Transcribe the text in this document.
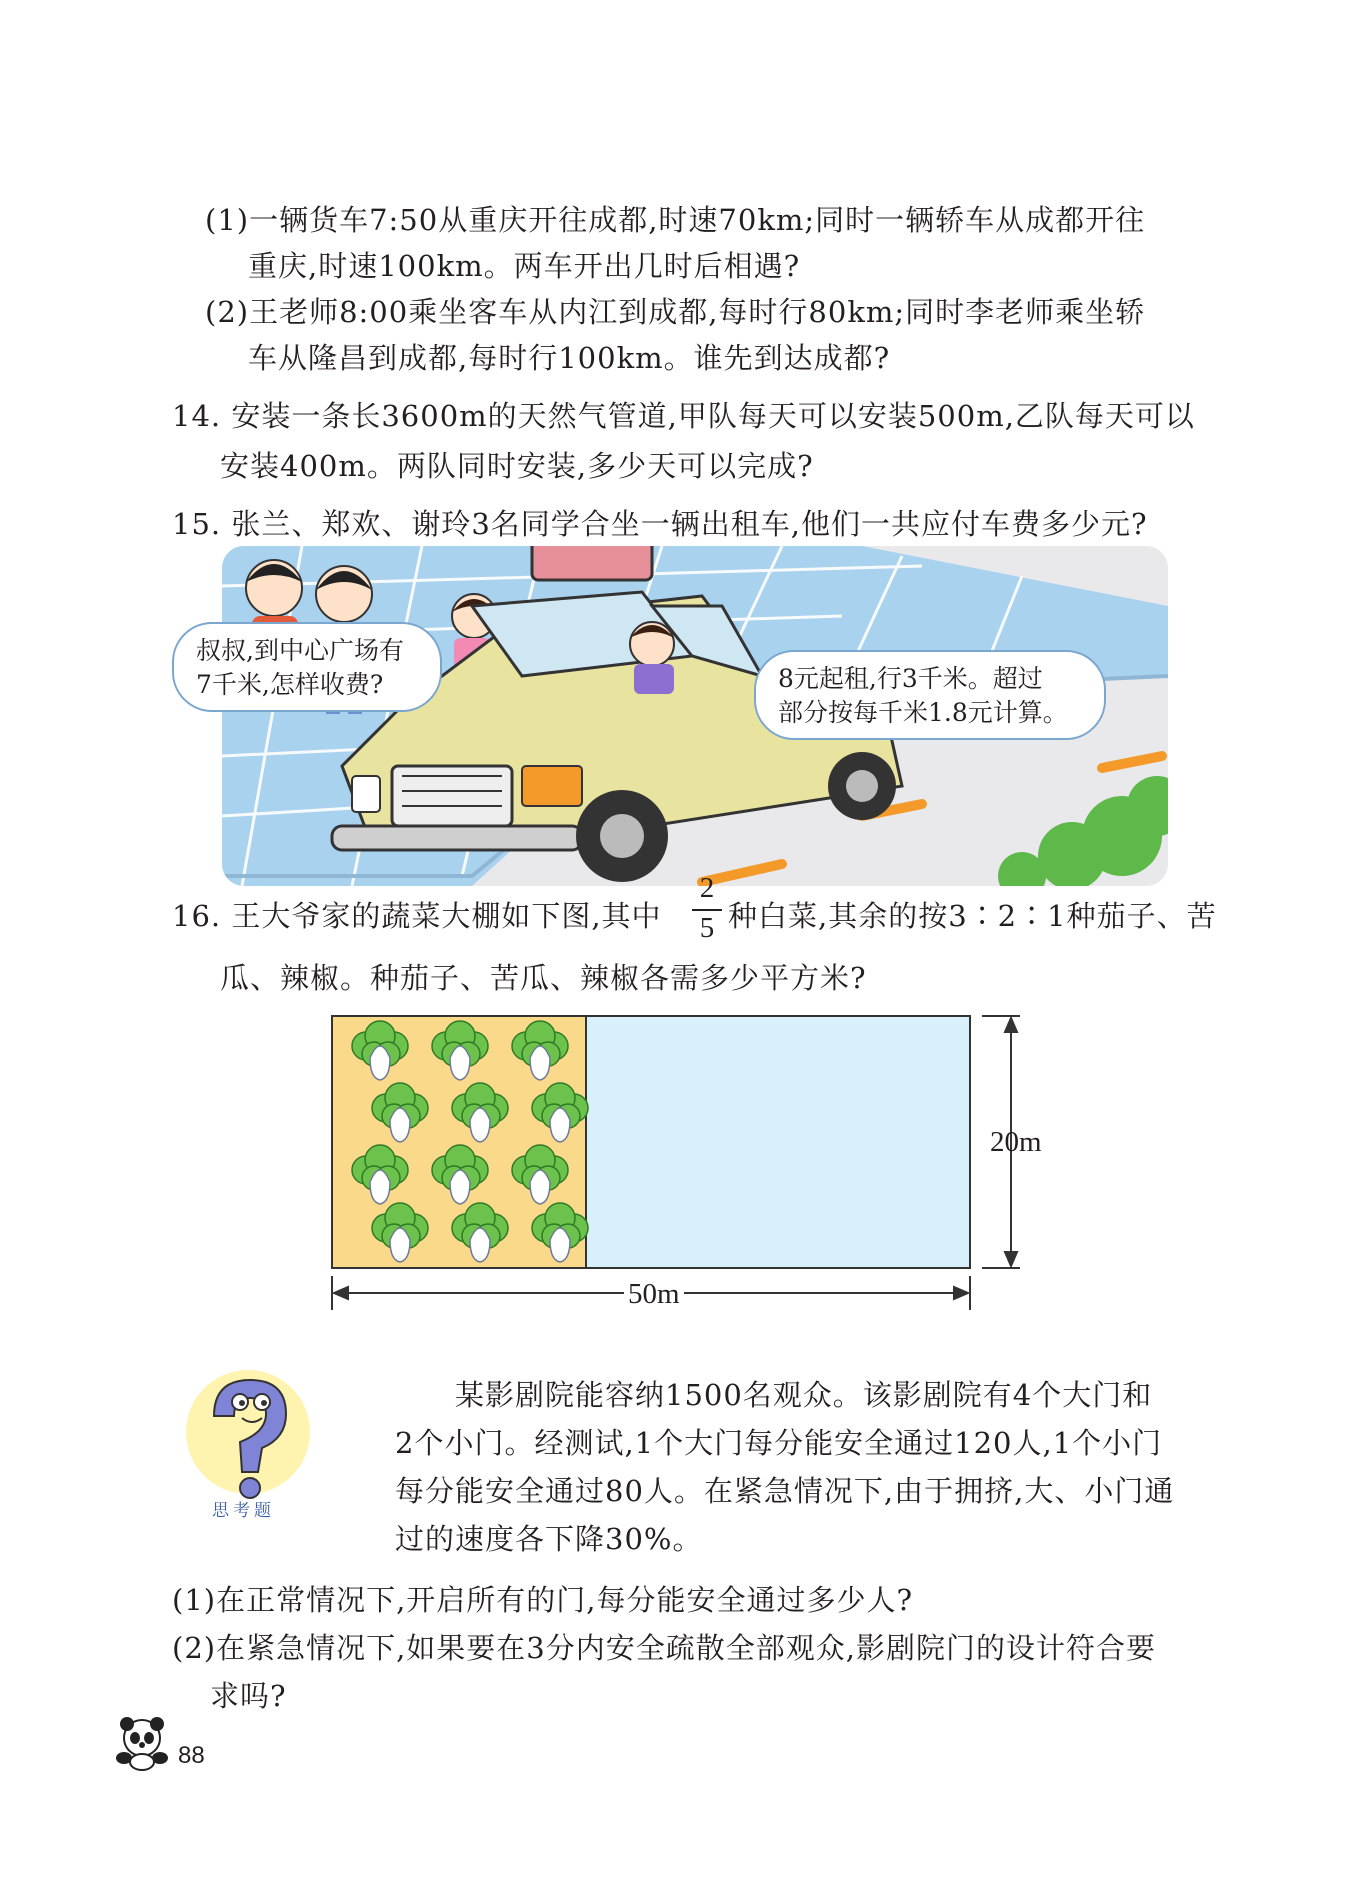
(1)一辆货车7:50从重庆开往成都,时速70km;同时一辆轿车从成都开往
重庆,时速100km。两车开出几时后相遇?
(2)王老师8:00乘坐客车从内江到成都,每时行80km;同时李老师乘坐轿
车从隆昌到成都,每时行100km。谁先到达成都?
14. 安装一条长3600m的天然气管道,甲队每天可以安装500m,乙队每天可以
安装400m。两队同时安装,多少天可以完成?
15. 张兰、郑欢、谢玲3名同学合坐一辆出租车,他们一共应付车费多少元?
叔叔,到中心广场有
7千米,怎样收费?	8元起租,行3千米。超过
部分按每千米1.8元计算。
16. 王大爷家的蔬菜大棚如下图,其中
2
5 种白菜,其余的按3∶2∶1种茄子、苦
瓜、辣椒。种茄子、苦瓜、辣椒各需多少平方米?
20m
50m
思考题
某影剧院能容纳1500名观众。该影剧院有4个大门和
2个小门。经测试,1个大门每分能安全通过120人,1个小门
每分能安全通过80人。在紧急情况下,由于拥挤,大、小门通
过的速度各下降30%。
(1)在正常情况下,开启所有的门,每分能安全通过多少人?
(2)在紧急情况下,如果要在3分内安全疏散全部观众,影剧院门的设计符合要
求吗?
88
